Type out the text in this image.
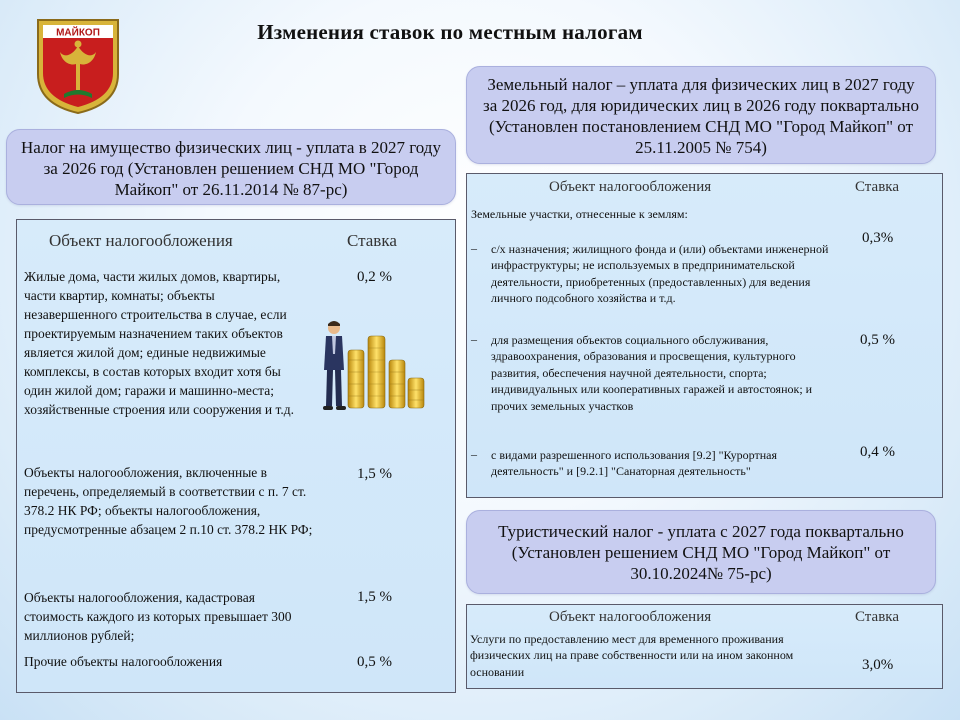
Изменения ставок по местным налогам
МАЙКОП
Налог на имущество физических лиц - уплата в 2027 году за 2026 год (Установлен решением СНД МО "Город Майкоп" от 26.11.2014 № 87-рс)
Объект налогообложения	Ставка
Жилые дома, части жилых домов, квартиры, части квартир, комнаты; объекты незавершенного строительства в случае, если проектируемым назначением таких объектов является жилой дом; единые недвижимые комплексы, в состав которых входит хотя бы один жилой дом; гаражи и машинно-места; хозяйственные строения или сооружения и т.д.
0,2 %
Объекты налогообложения, включенные в перечень, определяемый в соответствии с п. 7 ст. 378.2 НК РФ; объекты налогообложения, предусмотренные абзацем 2 п.10 ст. 378.2 НК РФ;
1,5 %
Объекты налогообложения, кадастровая стоимость каждого из которых превышает 300 миллионов рублей;
1,5 %
Прочие объекты налогообложения	0,5 %
Земельный налог – уплата для физических лиц в 2027 году за 2026 год, для юридических лиц в 2026 году поквартально (Установлен постановлением СНД МО "Город Майкоп" от 25.11.2005 № 754)
Объект налогообложения	Ставка
Земельные участки, отнесенные к землям:
– с/х назначения; жилищного фонда и (или) объектами инженерной инфраструктуры; не используемых в предпринимательской деятельности, приобретенных (предоставленных) для ведения личного подсобного хозяйства и т.д.
0,3%
– для размещения объектов социального обслуживания, здравоохранения, образования и просвещения, культурного развития, обеспечения научной деятельности, спорта; индивидуальных или кооперативных гаражей и автостоянок; и прочих земельных участков
0,5 %
– с видами разрешенного использования [9.2] "Курортная деятельность" и [9.2.1] "Санаторная деятельность"
0,4 %
Туристический налог - уплата с 2027 года поквартально (Установлен решением СНД МО "Город Майкоп" от 30.10.2024№ 75-рс)
Объект налогообложения	Ставка
Услуги по предоставлению мест для временного проживания физических лиц на праве собственности или на ином законном основании	3,0%
